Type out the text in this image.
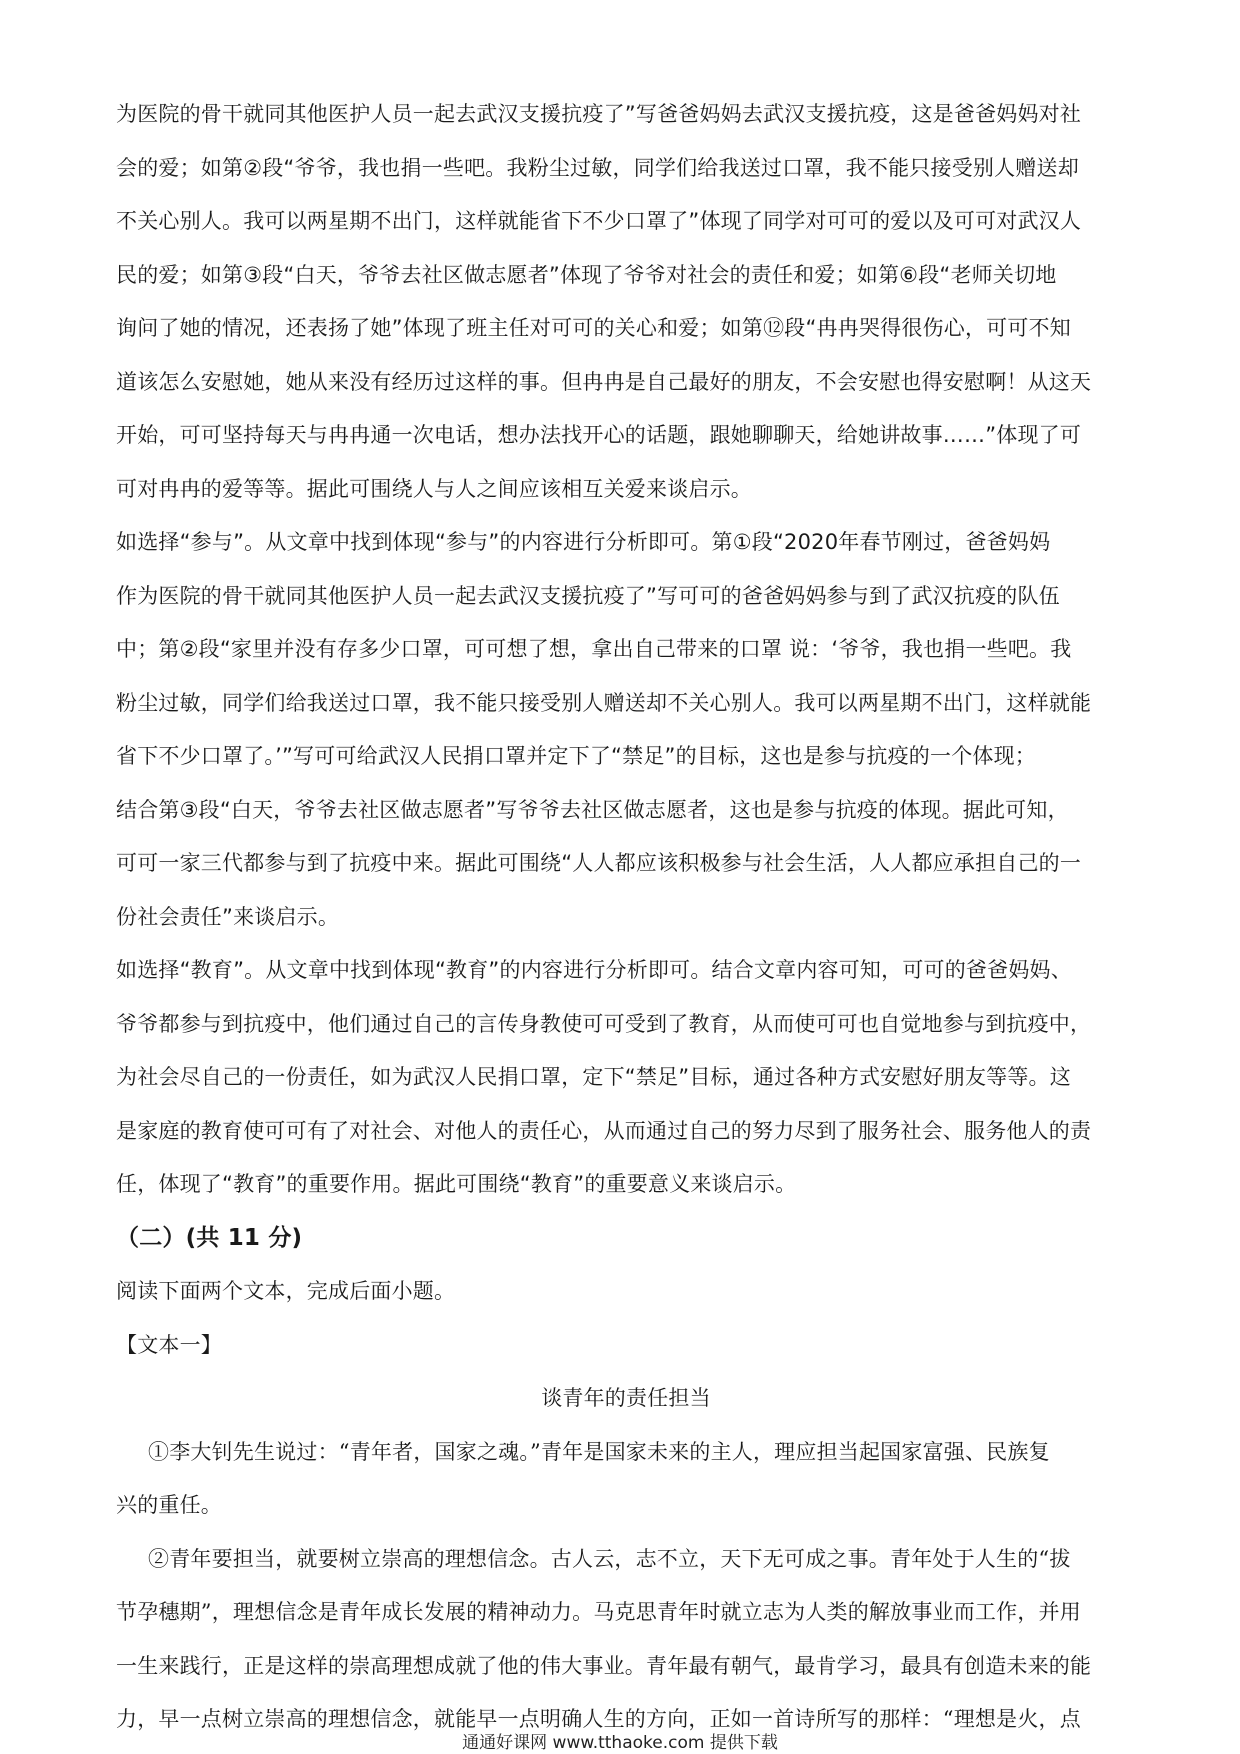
为医院的骨干就同其他医护人员一起去武汉支援抗疫了”写爸爸妈妈去武汉支援抗疫，这是爸爸妈妈对社
会的爱；如第②段“爷爷，我也捐一些吧。我粉尘过敏，同学们给我送过口罩，我不能只接受别人赠送却
不关心别人。我可以两星期不出门，这样就能省下不少口罩了”体现了同学对可可的爱以及可可对武汉人
民的爱；如第③段“白天，爷爷去社区做志愿者”体现了爷爷对社会的责任和爱；如第⑥段“老师关切地
询问了她的情况，还表扬了她”体现了班主任对可可的关心和爱；如第⑫段“冉冉哭得很伤心，可可不知
道该怎么安慰她，她从来没有经历过这样的事。但冉冉是自己最好的朋友，不会安慰也得安慰啊！从这天
开始，可可坚持每天与冉冉通一次电话，想办法找开心的话题，跟她聊聊天，给她讲故事……”体现了可
可对冉冉的爱等等。据此可围绕人与人之间应该相互关爱来谈启示。
如选择“参与”。从文章中找到体现“参与”的内容进行分析即可。第①段“2020年春节刚过，爸爸妈妈
作为医院的骨干就同其他医护人员一起去武汉支援抗疫了”写可可的爸爸妈妈参与到了武汉抗疫的队伍
中；第②段“家里并没有存多少口罩，可可想了想，拿出自己带来的口罩 说：‘爷爷，我也捐一些吧。我
粉尘过敏，同学们给我送过口罩，我不能只接受别人赠送却不关心别人。我可以两星期不出门，这样就能
省下不少口罩了。’”写可可给武汉人民捐口罩并定下了“禁足”的目标，这也是参与抗疫的一个体现；
结合第③段“白天，爷爷去社区做志愿者”写爷爷去社区做志愿者，这也是参与抗疫的体现。据此可知，
可可一家三代都参与到了抗疫中来。据此可围绕“人人都应该积极参与社会生活，人人都应承担自己的一
份社会责任”来谈启示。
如选择“教育”。从文章中找到体现“教育”的内容进行分析即可。结合文章内容可知，可可的爸爸妈妈、
爷爷都参与到抗疫中，他们通过自己的言传身教使可可受到了教育，从而使可可也自觉地参与到抗疫中，
为社会尽自己的一份责任，如为武汉人民捐口罩，定下“禁足”目标，通过各种方式安慰好朋友等等。这
是家庭的教育使可可有了对社会、对他人的责任心，从而通过自己的努力尽到了服务社会、服务他人的责
任，体现了“教育”的重要作用。据此可围绕“教育”的重要意义来谈启示。
（二）(共 11 分)
阅读下面两个文本，完成后面小题。
【文本一】
谈青年的责任担当
①李大钊先生说过：“青年者，国家之魂。”青年是国家未来的主人，理应担当起国家富强、民族复
兴的重任。
②青年要担当，就要树立崇高的理想信念。古人云，志不立，天下无可成之事。青年处于人生的“拔
节孕穗期”，理想信念是青年成长发展的精神动力。马克思青年时就立志为人类的解放事业而工作，并用
一生来践行，正是这样的崇高理想成就了他的伟大事业。青年最有朝气，最肯学习，最具有创造未来的能
力，早一点树立崇高的理想信念，就能早一点明确人生的方向，正如一首诗所写的那样：“理想是火，点
通通好课网 www.tthaoke.com 提供下载
